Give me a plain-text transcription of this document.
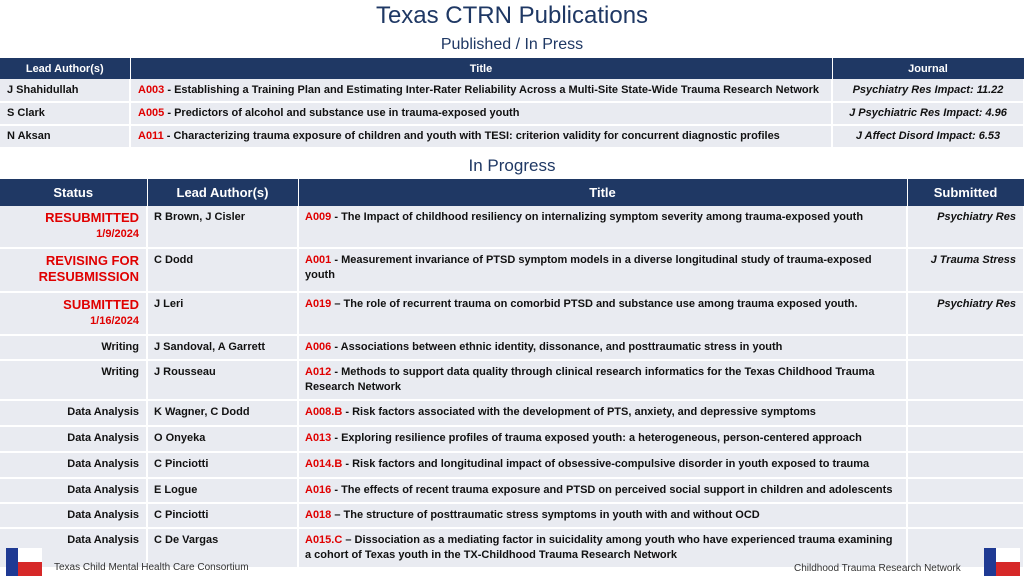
Texas CTRN Publications
Published / In Press
Lead Author(s)	Title	Journal
J Shahidullah	A003 - Establishing a Training Plan and Estimating Inter-Rater Reliability Across a Multi-Site State-Wide Trauma Research Network	Psychiatry Res Impact: 11.22
S Clark	A005 - Predictors of alcohol and substance use in trauma-exposed youth	J Psychiatric Res Impact: 4.96
N Aksan	A011 - Characterizing trauma exposure of children and youth with TESI: criterion validity for concurrent diagnostic profiles	J Affect Disord Impact: 6.53
In Progress
Status	Lead Author(s)	Title	Submitted

RESUBMITTED
1/9/2024	R Brown, J Cisler	A009 - The Impact of childhood resiliency on internalizing symptom severity among trauma-exposed youth	Psychiatry Res

REVISING FOR RESUBMISSION	C Dodd	A001 - Measurement invariance of PTSD symptom models in a diverse longitudinal study of trauma-exposed youth	J Trauma Stress

SUBMITTED
1/16/2024	J Leri	A019 – The role of recurrent trauma on comorbid PTSD and substance use among trauma exposed youth.	Psychiatry Res

Writing	J Sandoval, A Garrett	A006 - Associations between ethnic identity, dissonance, and posttraumatic stress in youth	

Writing	J Rousseau	A012 - Methods to support data quality through clinical research informatics for the Texas Childhood Trauma Research Network	

Data Analysis	K Wagner, C Dodd	A008.B - Risk factors associated with the development of PTS, anxiety, and depressive symptoms	

Data Analysis	O Onyeka	A013 - Exploring resilience profiles of trauma exposed youth: a heterogeneous, person-centered approach	

Data Analysis	C Pinciotti	A014.B - Risk factors and longitudinal impact of obsessive-compulsive disorder in youth exposed to trauma	

Data Analysis	E Logue	A016 - The effects of recent trauma exposure and PTSD on perceived social support in children and adolescents	

Data Analysis	C Pinciotti	A018 – The structure of posttraumatic stress symptoms in youth with and without OCD	

Data Analysis	C De Vargas	A015.C – Dissociation as a mediating factor in suicidality among youth who have experienced trauma examining a cohort of Texas youth in the TX-Childhood Trauma Research Network	
Texas Child Mental Health Care Consortium	Childhood Trauma Research Network
